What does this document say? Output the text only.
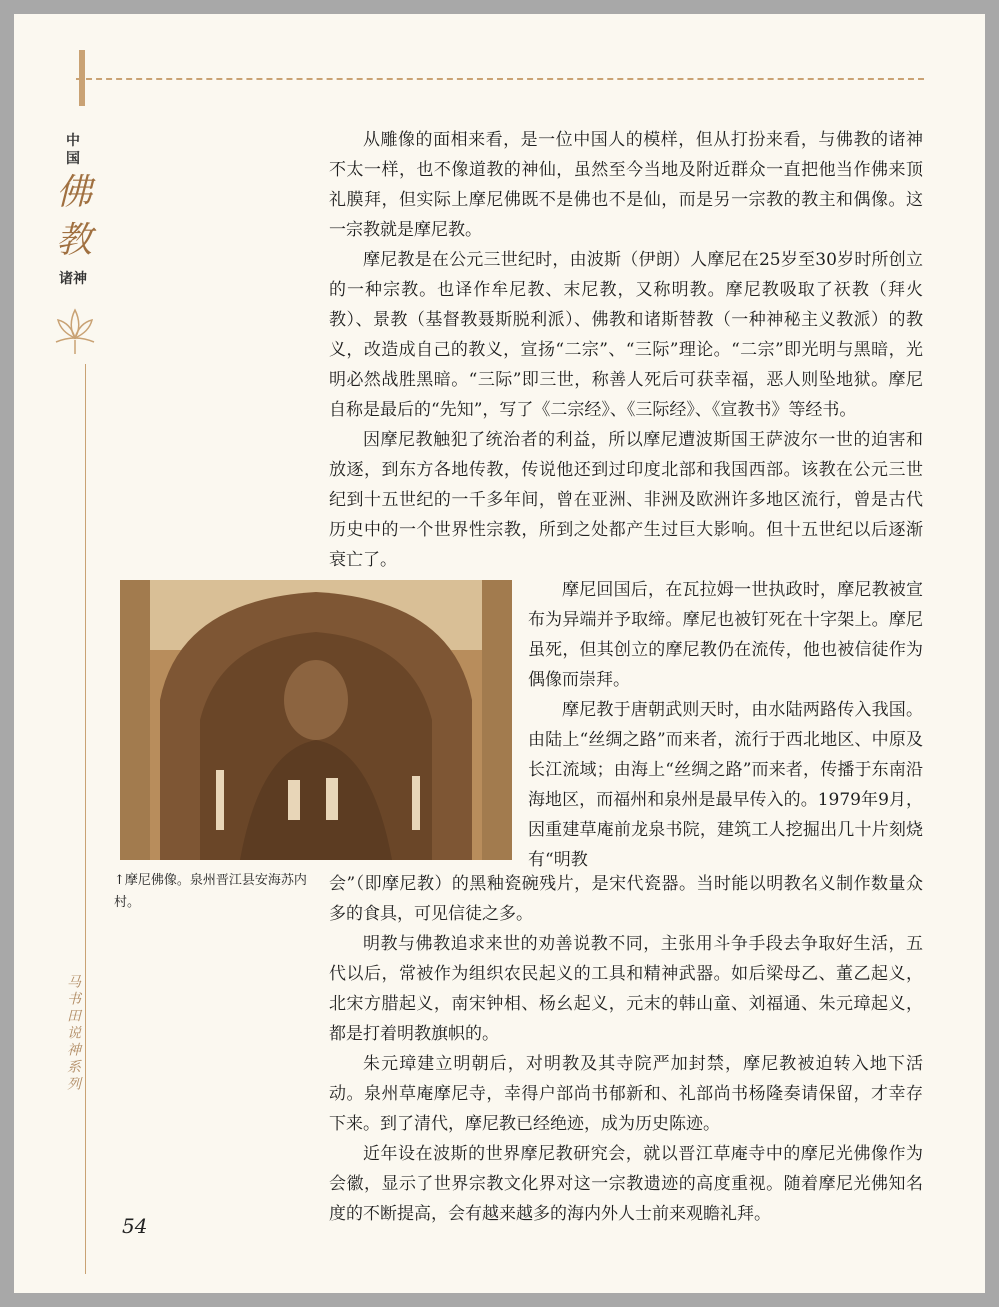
中
国
佛
教
诸神
马书田说神系列

从雕像的面相来看，是一位中国人的模样，但从打扮来看，与佛教的诸神不太一样，也不像道教的神仙，虽然至今当地及附近群众一直把他当作佛来顶礼膜拜，但实际上摩尼佛既不是佛也不是仙，而是另一宗教的教主和偶像。这一宗教就是摩尼教。

摩尼教是在公元三世纪时，由波斯（伊朗）人摩尼在25岁至30岁时所创立的一种宗教。也译作牟尼教、末尼教，又称明教。摩尼教吸取了祆教（拜火教）、景教（基督教聂斯脱利派）、佛教和诸斯替教（一种神秘主义教派）的教义，改造成自己的教义，宣扬“二宗”、“三际”理论。“二宗”即光明与黑暗，光明必然战胜黑暗。“三际”即三世，称善人死后可获幸福，恶人则坠地狱。摩尼自称是最后的“先知”，写了《二宗经》、《三际经》、《宣教书》等经书。

因摩尼教触犯了统治者的利益，所以摩尼遭波斯国王萨波尔一世的迫害和放逐，到东方各地传教，传说他还到过印度北部和我国西部。该教在公元三世纪到十五世纪的一千多年间，曾在亚洲、非洲及欧洲许多地区流行，曾是古代历史中的一个世界性宗教，所到之处都产生过巨大影响。但十五世纪以后逐渐衰亡了。

摩尼回国后，在瓦拉姆一世执政时，摩尼教被宣布为异端并予取缔。摩尼也被钉死在十字架上。摩尼虽死，但其创立的摩尼教仍在流传，他也被信徒作为偶像而崇拜。

摩尼教于唐朝武则天时，由水陆两路传入我国。由陆上“丝绸之路”而来者，流行于西北地区、中原及长江流域；由海上“丝绸之路”而来者，传播于东南沿海地区，而福州和泉州是最早传入的。1979年9月，因重建草庵前龙泉书院，建筑工人挖掘出几十片刻烧有“明教

↑摩尼佛像。泉州晋江县安海苏内村。

会”（即摩尼教）的黑釉瓷碗残片，是宋代瓷器。当时能以明教名义制作数量众多的食具，可见信徒之多。

明教与佛教追求来世的劝善说教不同，主张用斗争手段去争取好生活，五代以后，常被作为组织农民起义的工具和精神武器。如后梁母乙、董乙起义，北宋方腊起义，南宋钟相、杨幺起义，元末的韩山童、刘福通、朱元璋起义，都是打着明教旗帜的。

朱元璋建立明朝后，对明教及其寺院严加封禁，摩尼教被迫转入地下活动。泉州草庵摩尼寺，幸得户部尚书郁新和、礼部尚书杨隆奏请保留，才幸存下来。到了清代，摩尼教已经绝迹，成为历史陈迹。

近年设在波斯的世界摩尼教研究会，就以晋江草庵寺中的摩尼光佛像作为会徽，显示了世界宗教文化界对这一宗教遗迹的高度重视。随着摩尼光佛知名度的不断提高，会有越来越多的海内外人士前来观瞻礼拜。

54
